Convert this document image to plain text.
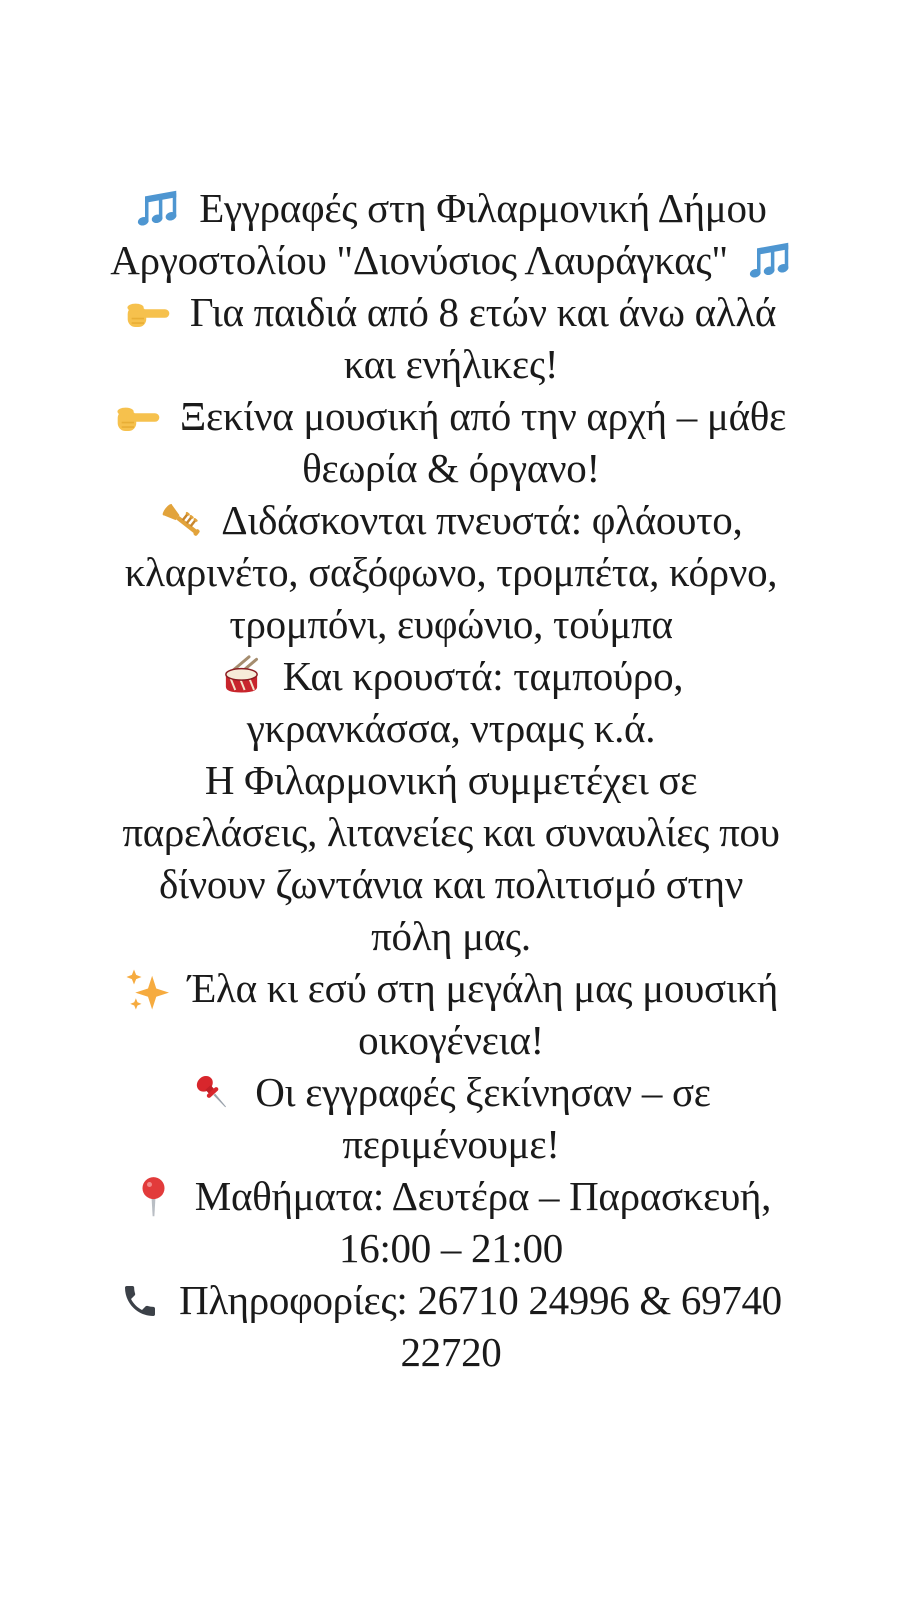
Εγγραφές στη Φιλαρμονική Δήμου
Αργοστολίου "Διονύσιος Λαυράγκας"
Για παιδιά από 8 ετών και άνω αλλά
και ενήλικες!
Ξεκίνα μουσική από την αρχή – μάθε
θεωρία & όργανο!
Διδάσκονται πνευστά: φλάουτο,
κλαρινέτο, σαξόφωνο, τρομπέτα, κόρνο,
τρομπόνι, ευφώνιο, τούμπα
Και κρουστά: ταμπούρο,
γκρανκάσσα, ντραμς κ.ά.
Η Φιλαρμονική συμμετέχει σε
παρελάσεις, λιτανείες και συναυλίες που
δίνουν ζωντάνια και πολιτισμό στην
πόλη μας.
Έλα κι εσύ στη μεγάλη μας μουσική
οικογένεια!
Οι εγγραφές ξεκίνησαν – σε
περιμένουμε!
Μαθήματα: Δευτέρα – Παρασκευή,
16:00 – 21:00
Πληροφορίες: 26710 24996 & 69740
22720
